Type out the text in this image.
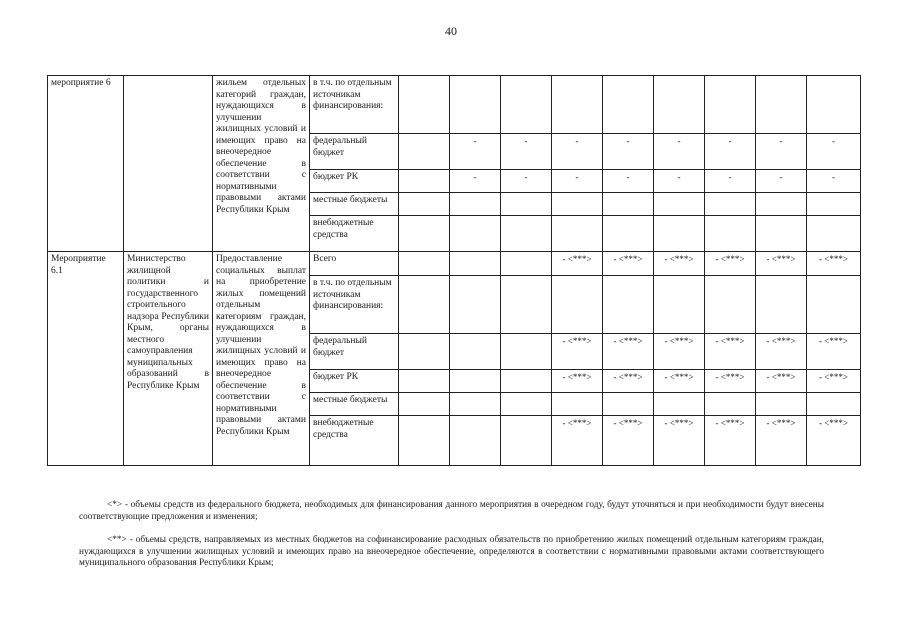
40
мероприятие 6		жильем отдельных категорий граждан, нуждающихся в улучшении жилищных условий и имеющих право на внеочередное обеспечение в соответствии с нормативными правовыми актами Республики Крым	в т.ч. по отдельным источникам финансирования:									
			федеральный бюджет		-	-	-	-	-	-	-	-
			бюджет РК		-	-	-	-	-	-	-	-
			местные бюджеты									
			внебюджетные средства									
Мероприятие 6.1	Министерство жилищной политики и государственного строительного надзора Республики Крым, органы местного самоуправления муниципальных образований в Республике Крым	Предоставление социальных выплат на приобретение жилых помещений отдельным категориям граждан, нуждающихся в улучшении жилищных условий и имеющих право на внеочередное обеспечение в соответствии с нормативными правовыми актами Республики Крым	Всего				- <***>	- <***>	- <***>	- <***>	- <***>	- <***>
			в т.ч. по отдельным источникам финансирования:									
			федеральный бюджет				- <***>	- <***>	- <***>	- <***>	- <***>	- <***>
			бюджет РК				- <***>	- <***>	- <***>	- <***>	- <***>	- <***>
			местные бюджеты									
			внебюджетные средства				- <***>	- <***>	- <***>	- <***>	- <***>	- <***>

<*> - объемы средств из федерального бюджета, необходимых для финансирования данного мероприятия в очередном году, будут уточняться и при необходимости будут внесены соответствующие предложения и изменения;

<**> - объемы средств, направляемых из местных бюджетов на софинансирование расходных обязательств по приобретению жилых помещений отдельным категориям граждан, нуждающихся в улучшении жилищных условий и имеющих право на внеочередное обеспечение, определяются в соответствии с нормативными правовыми актами соответствующего муниципального образования Республики Крым;
